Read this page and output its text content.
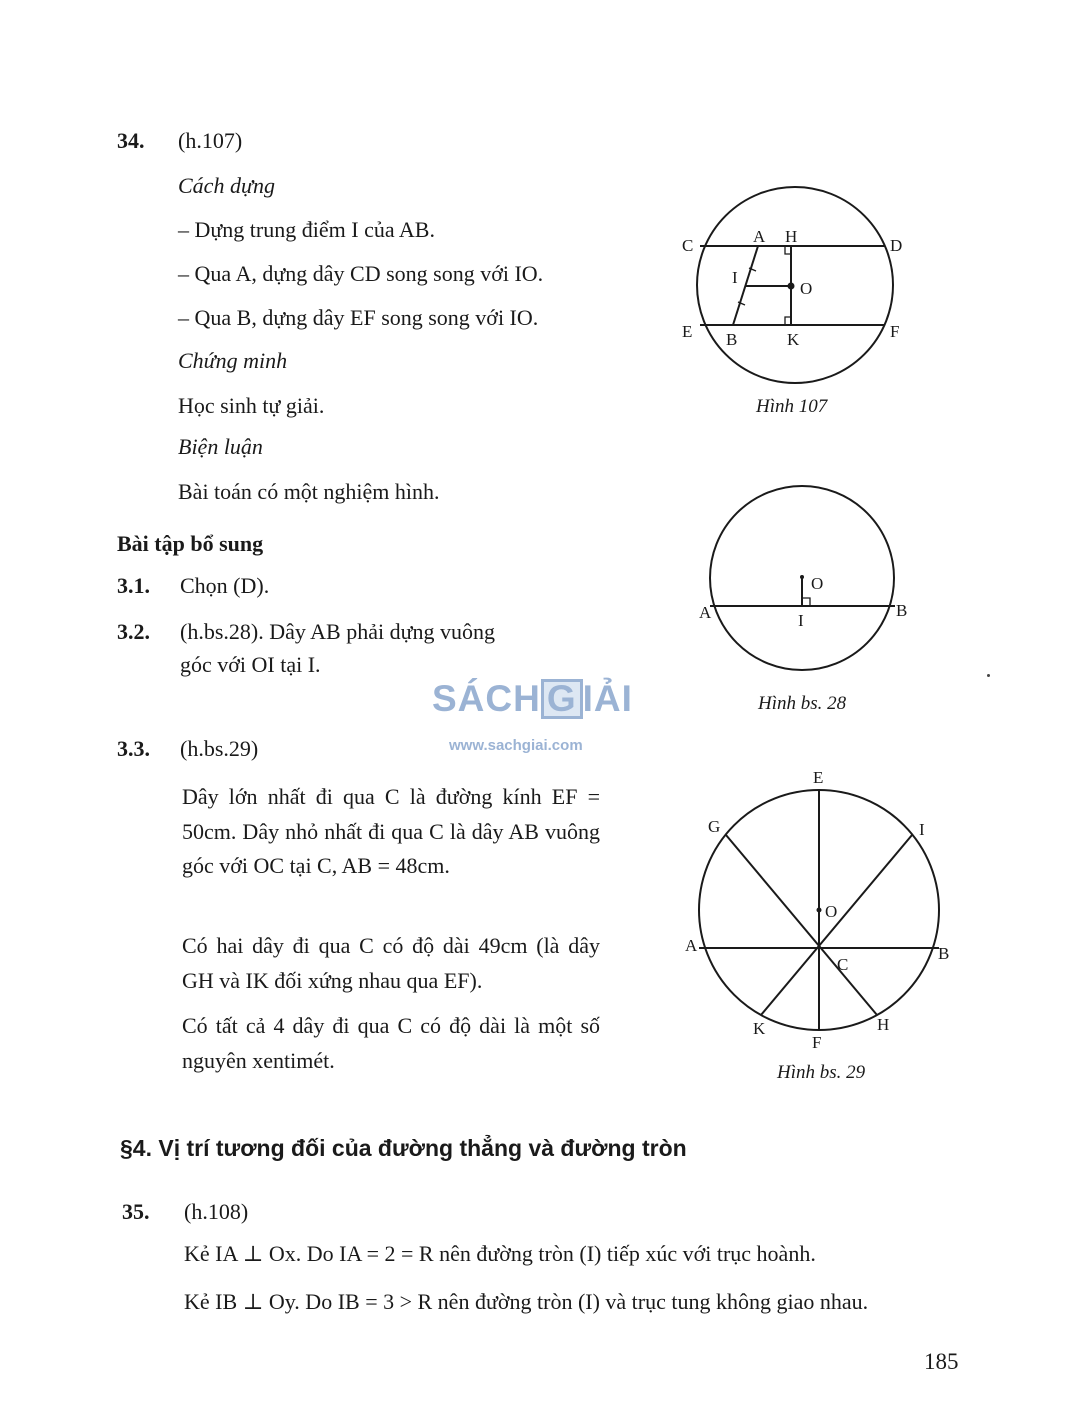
34. (h.107)
Cách dựng
– Dựng trung điểm I của AB.
– Qua A, dựng dây CD song song với IO.
– Qua B, dựng dây EF song song với IO.
Chứng minh
Học sinh tự giải.
Biện luận
Bài toán có một nghiệm hình.
C	A H	D
I
O
E B	K	F
Hình 107
Bài tập bổ sung
3.1. Chọn (D).
3.2. (h.bs.28). Dây AB phải dựng vuông
góc với OI tại I.
O
A	I
B
Hình bs. 28
SÁCH G IẢI
www.sachgiai.com
3.3. (h.bs.29)
Dây lớn nhất đi qua C là đường kính EF = 50cm. Dây nhỏ nhất đi qua C là dây AB vuông góc với OC tại C, AB = 48cm.
Có hai dây đi qua C có độ dài 49cm (là dây GH và IK đối xứng nhau qua EF).
Có tất cả 4 dây đi qua C có độ dài là một số nguyên xentimét.
E
G	I
O
A	B
C
K	H
F
Hình bs. 29
§4. Vị trí tương đối của đường thẳng và đường tròn
35. (h.108)
Kẻ IA ⊥ Ox. Do IA = 2 = R nên đường tròn (I) tiếp xúc với trục hoành.
Kẻ IB ⊥ Oy. Do IB = 3 > R nên đường tròn (I) và trục tung không giao nhau.
185
